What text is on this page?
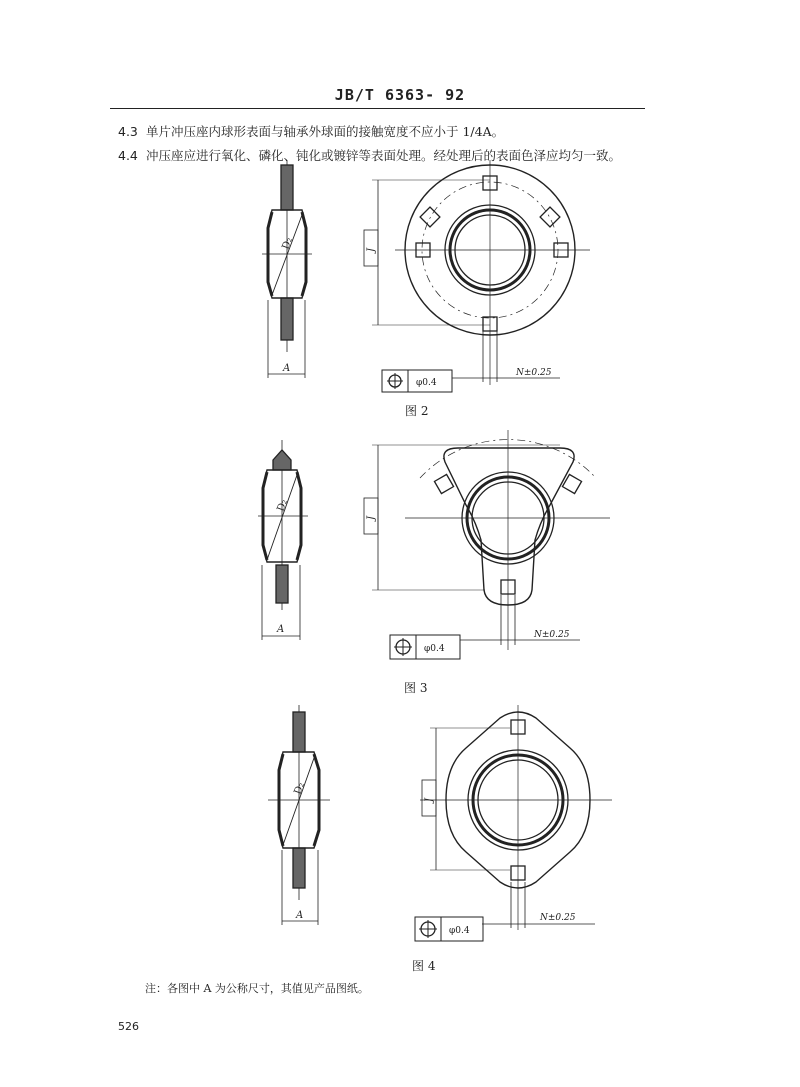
JB/T 6363- 92
4.3 单片冲压座内球形表面与轴承外球面的接触宽度不应小于 1/4A。
4.4 冲压座应进行氧化、磷化、钝化或镀锌等表面处理。经处理后的表面色泽应均匀一致。
D₂
A
J
φ0.4
N±0.25
图 2
D₂
A
J
φ0.4
N±0.25
图 3
D₂
A
J
φ0.4
N±0.25
图 4
注：各图中 A 为公称尺寸，其值见产品图纸。
526
